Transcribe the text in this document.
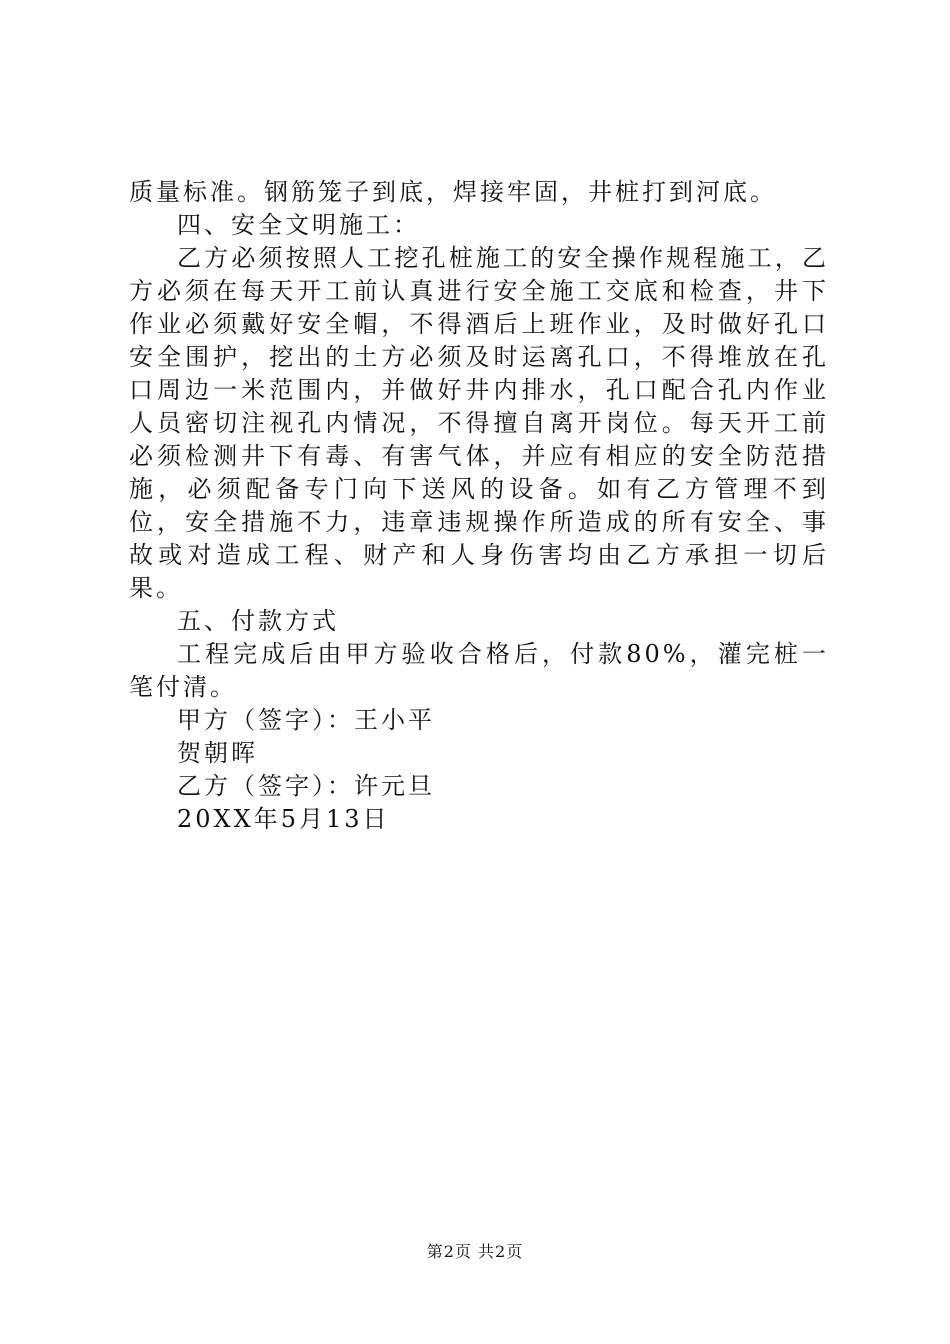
质量标准。钢筋笼子到底，焊接牢固，井桩打到河底。

四、安全文明施工：

乙方必须按照人工挖孔桩施工的安全操作规程施工，乙方必须在每天开工前认真进行安全施工交底和检查，井下作业必须戴好安全帽，不得酒后上班作业，及时做好孔口安全围护，挖出的土方必须及时运离孔口，不得堆放在孔口周边一米范围内，并做好井内排水，孔口配合孔内作业人员密切注视孔内情况，不得擅自离开岗位。每天开工前必须检测井下有毒、有害气体，并应有相应的安全防范措施，必须配备专门向下送风的设备。如有乙方管理不到位，安全措施不力，违章违规操作所造成的所有安全、事故或对造成工程、财产和人身伤害均由乙方承担一切后果。

五、付款方式

工程完成后由甲方验收合格后，付款80%，灌完桩一笔付清。

甲方（签字）：王小平

贺朝晖

乙方（签字）：许元旦

20XX年5月13日

第2页 共2页
